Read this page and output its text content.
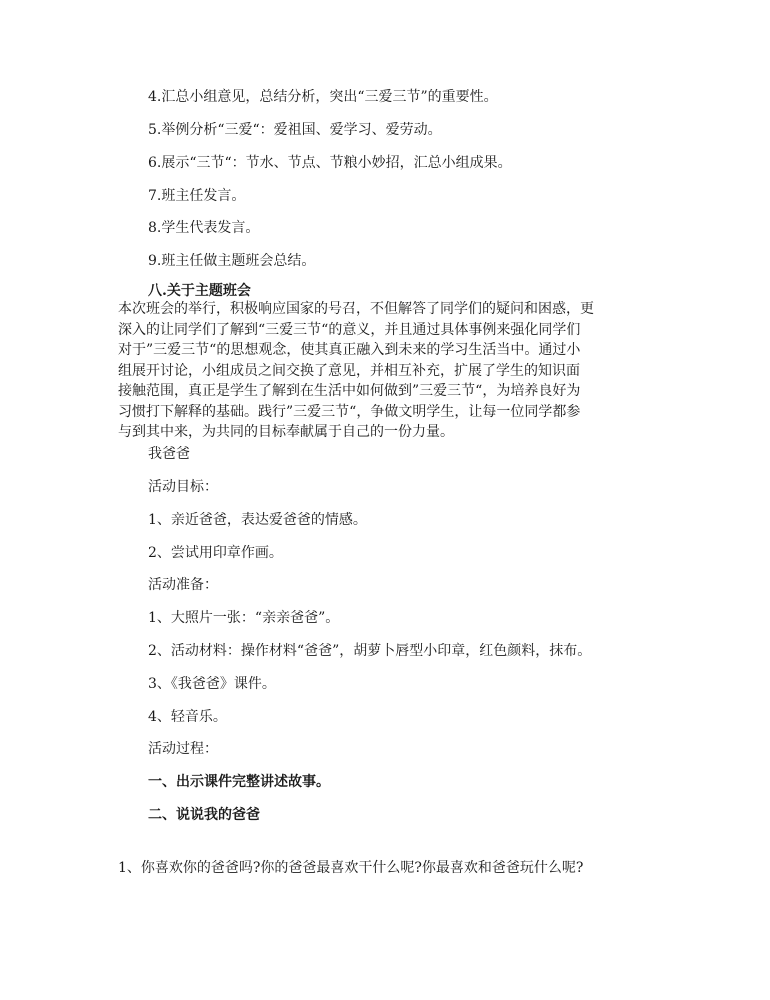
4.汇总小组意见，总结分析，突出“三爱三节”的重要性。
5.举例分析“三爱“：爱祖国、爱学习、爱劳动。
6.展示“三节“：节水、节点、节粮小妙招，汇总小组成果。
7.班主任发言。
8.学生代表发言。
9.班主任做主题班会总结。
八.关于主题班会
本次班会的举行，积极响应国家的号召，不但解答了同学们的疑问和困惑，更
深入的让同学们了解到“三爱三节“的意义，并且通过具体事例来强化同学们
对于”三爱三节“的思想观念，使其真正融入到未来的学习生活当中。通过小
组展开讨论，小组成员之间交换了意见，并相互补充，扩展了学生的知识面
接触范围，真正是学生了解到在生活中如何做到”三爱三节“，为培养良好为
习惯打下解释的基础。践行”三爱三节“，争做文明学生，让每一位同学都参
与到其中来，为共同的目标奉献属于自己的一份力量。
我爸爸
活动目标：
1、亲近爸爸，表达爱爸爸的情感。
2、尝试用印章作画。
活动准备：
1、大照片一张：“亲亲爸爸”。
2、活动材料：操作材料“爸爸”，胡萝卜唇型小印章，红色颜料，抹布。
3、《我爸爸》课件。
4、轻音乐。
活动过程：
一、出示课件完整讲述故事。
二、说说我的爸爸
1、你喜欢你的爸爸吗?你的爸爸最喜欢干什么呢?你最喜欢和爸爸玩什么呢?
